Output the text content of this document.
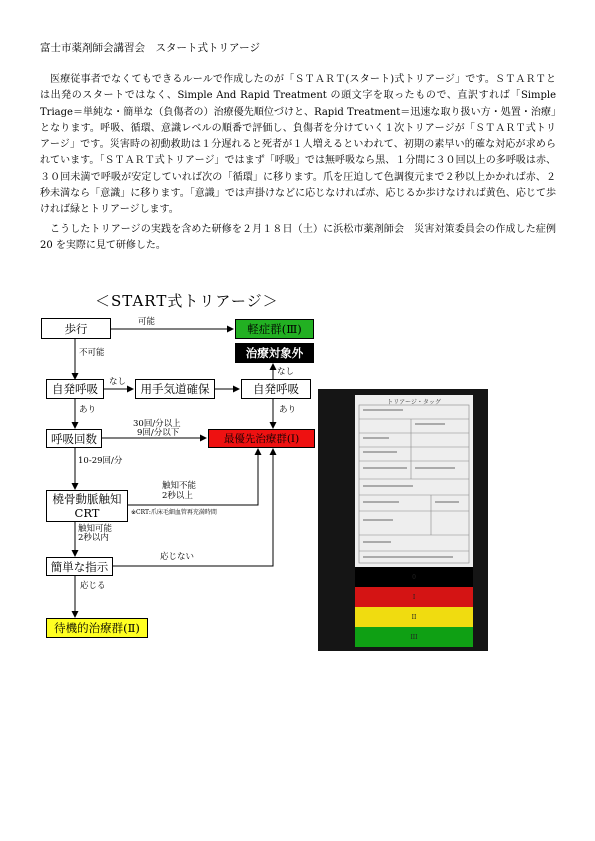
富士市薬剤師会講習会　スタート式トリアージ
医療従事者でなくてもできるルールで作成したのが「ＳＴＡＲＴ(スタート)式トリアージ」です。ＳＴＡＲＴとは出発のスタートではなく、Simple And Rapid Treatment の頭文字を取ったもので、直訳すれば「Simple Triage＝単純な・簡単な（負傷者の）治療優先順位づけと、Rapid Treatment＝迅速な取り扱い方・処置・治療」となります。呼吸、循環、意識レベルの順番で評価し、負傷者を分けていく１次トリアージが「ＳＴＡＲＴ式トリアージ」です。災害時の初動救助は１分遅れると死者が１人増えるといわれて、初期の素早い的確な対応が求められています。「ＳＴＡＲＴ式トリアージ」ではまず「呼吸」では無呼吸なら黒、１分間に３０回以上の多呼吸は赤、３０回未満で呼吸が安定していれば次の「循環」に移ります。爪を圧迫して色調復元まで２秒以上かかれば赤、２秒未満なら「意識」に移ります。「意識」では声掛けなどに応じなければ赤、応じるか歩けなければ黄色、応じて歩ければ緑とトリアージします。
こうしたトリアージの実践を含めた研修を２月１８日（土）に浜松市薬剤師会　災害対策委員会の作成した症例 20 を実際に見て研修した。
＜START式トリアージ＞
歩行	軽症群(Ⅲ)
治療対象外
自発呼吸	用手気道確保	自発呼吸
呼吸回数	最優先治療群(Ⅰ)
橈骨動脈触知
CRT
簡単な指示
待機的治療群(Ⅱ)
可能
不可能
なし
なし
あり	あり
30回/分以上
9回/分以下
10-29回/分
触知不能
2秒以上
※CRT:爪床毛細血管再充満時間
触知可能
2秒以内
応じない
応じる
トリアージ・タッグ
0
I
II
III
